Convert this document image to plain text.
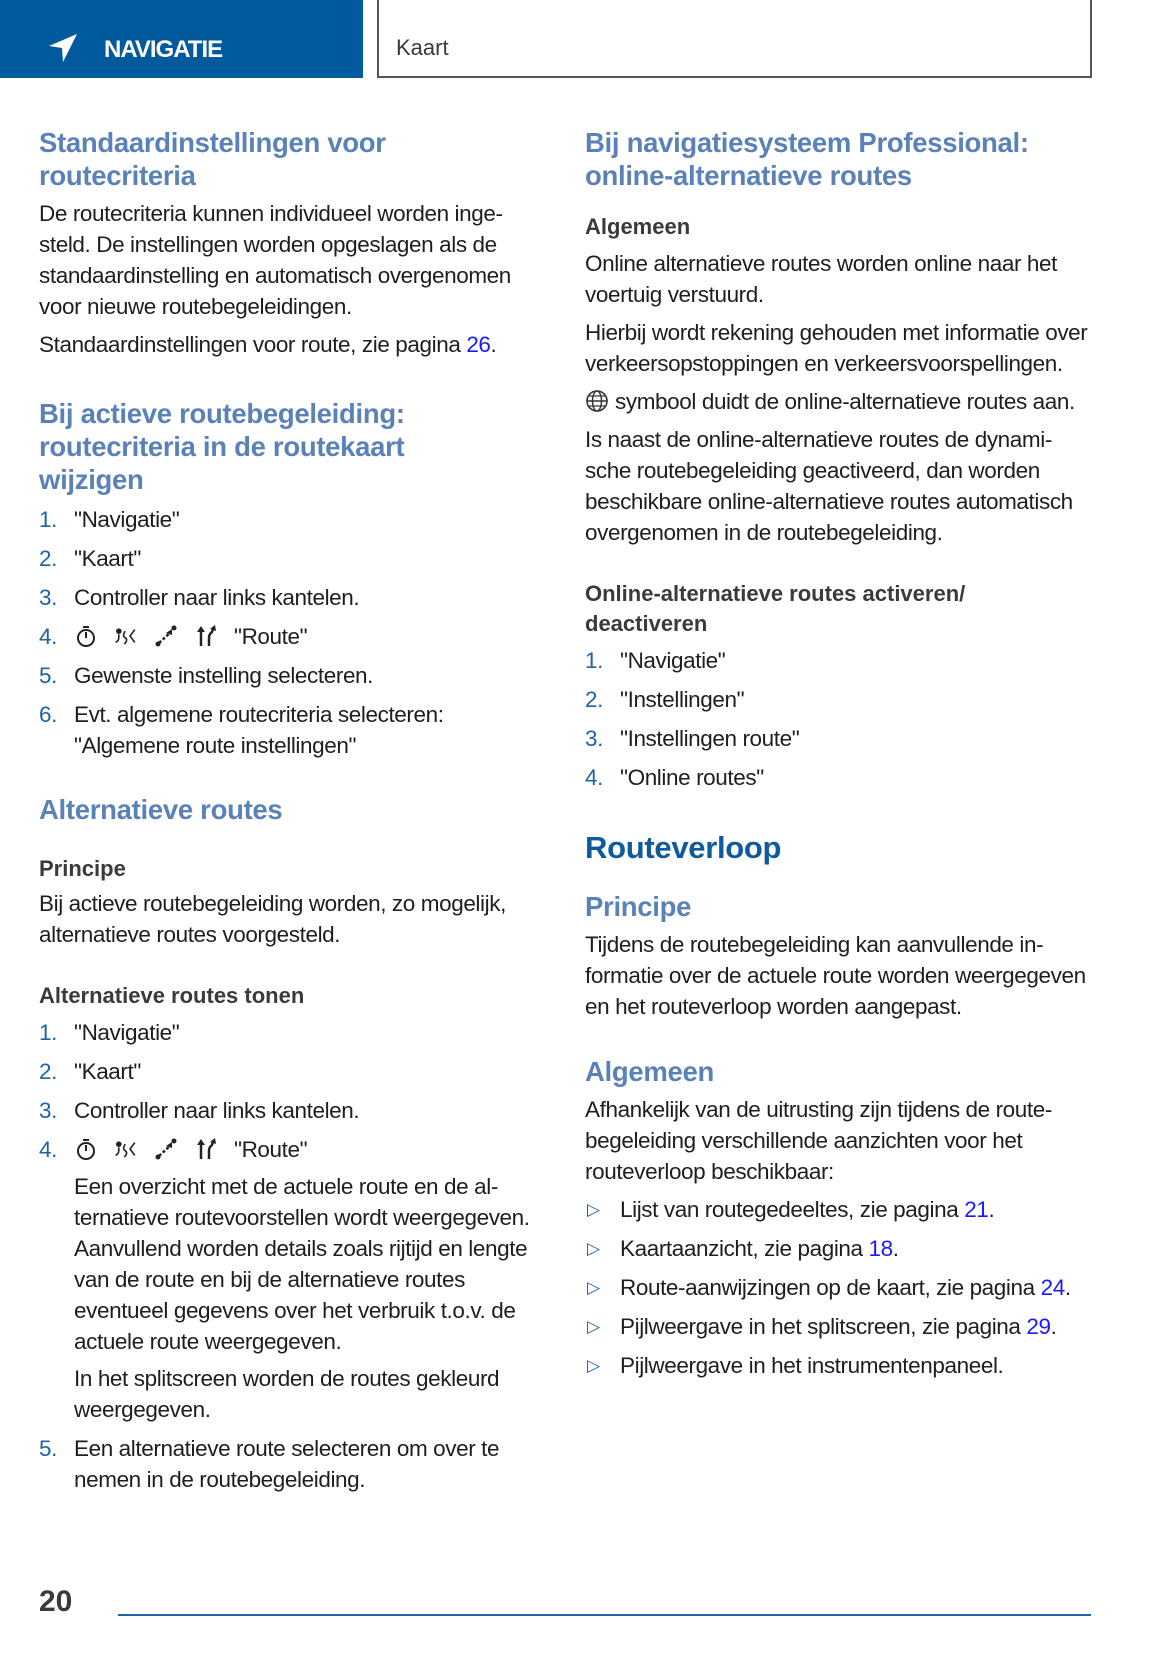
NAVIGATIE	Kaart
Standaardinstellingen voor routecriteria

De routecriteria kunnen individueel worden ingesteld. De instellingen worden opgeslagen als de standaardinstelling en automatisch overgenomen voor nieuwe routebegeleidingen.

Standaardinstellingen voor route, zie pagina 26.

Bij actieve routebegeleiding: routecriteria in de routekaart wijzigen
1. "Navigatie"
2. "Kaart"
3. Controller naar links kantelen.
4.	"Route"
5. Gewenste instelling selecteren.
6. Evt. algemene routecriteria selecteren: "Algemene route instellingen"
Alternatieve routes
Principe

Bij actieve routebegeleiding worden, zo mogelijk, alternatieve routes voorgesteld.

Alternatieve routes tonen
1. "Navigatie"
2. "Kaart"
3. Controller naar links kantelen.
4.	"Route"
Een overzicht met de actuele route en de alternatieve routevoorstellen wordt weergegeven. Aanvullend worden details zoals rijtijd en lengte van de route en bij de alternatieve routes eventueel gegevens over het verbruik t.o.v. de actuele route weergegeven.
In het splitscreen worden de routes gekleurd weergegeven.
5. Een alternatieve route selecteren om over te nemen in de routebegeleiding.
Bij navigatiesysteem Professional: online-alternatieve routes
Algemeen

Online alternatieve routes worden online naar het voertuig verstuurd.

Hierbij wordt rekening gehouden met informatie over verkeersopstoppingen en verkeersvoorspellingen.

symbool duidt de online-alternatieve routes aan.

Is naast de online-alternatieve routes de dynamische routebegeleiding geactiveerd, dan worden beschikbare online-alternatieve routes automatisch overgenomen in de routebegeleiding.

Online-alternatieve routes activeren/ deactiveren
1. "Navigatie"
2. "Instellingen"
3. "Instellingen route"
4. "Online routes"
Routeverloop
Principe

Tijdens de routebegeleiding kan aanvullende informatie over de actuele route worden weergegeven en het routeverloop worden aangepast.

Algemeen

Afhankelijk van de uitrusting zijn tijdens de routebegeleiding verschillende aanzichten voor het routeverloop beschikbaar:

▷ Lijst van routegedeeltes, zie pagina 21.
▷ Kaartaanzicht, zie pagina 18.
▷ Route-aanwijzingen op de kaart, zie pagina 24.
▷ Pijlweergave in het splitscreen, zie pagina 29.
▷ Pijlweergave in het instrumentenpaneel.
20
